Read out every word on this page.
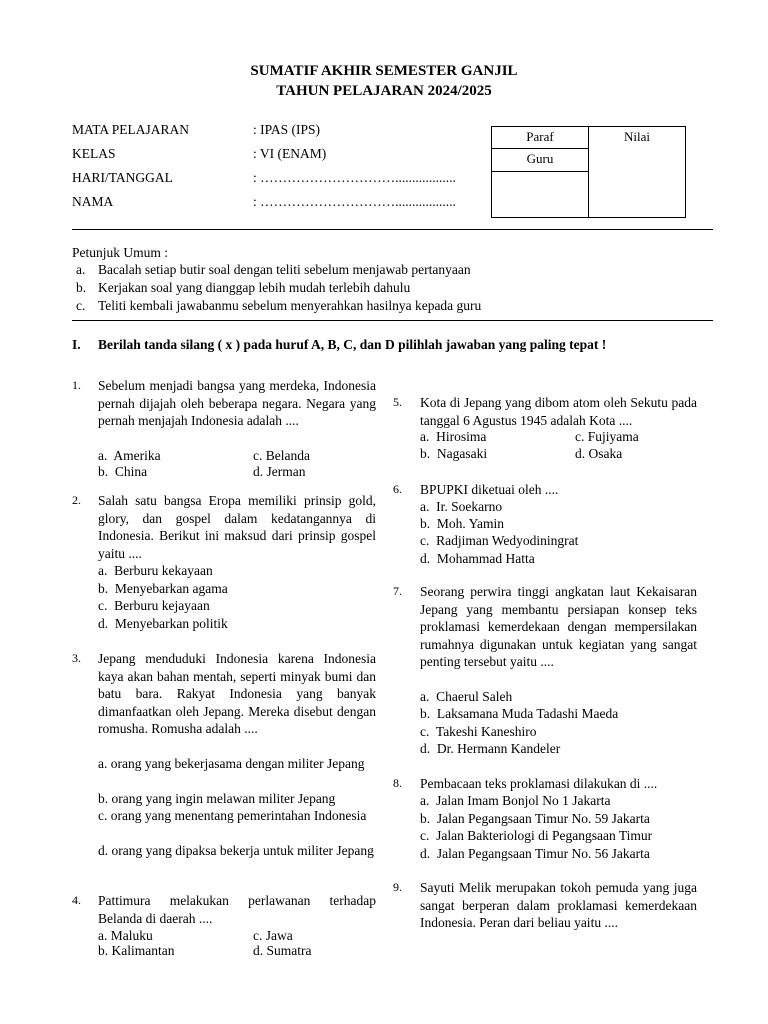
SUMATIF AKHIR SEMESTER GANJIL
TAHUN PELAJARAN 2024/2025
MATA PELAJARAN	: IPAS (IPS)
KELAS	: VI (ENAM)
HARI/TANGGAL	: …………………………..................
NAMA	: …………………………..................
Paraf	Nilai
Guru

Petunjuk Umum :
a. Bacalah setiap butir soal dengan teliti sebelum menjawab pertanyaan
b. Kerjakan soal yang dianggap lebih mudah terlebih dahulu
c. Teliti kembali jawabanmu sebelum menyerahkan hasilnya kepada guru
I. Berilah tanda silang ( x ) pada huruf A, B, C, dan D pilihlah jawaban yang paling tepat !
1. Sebelum menjadi bangsa yang merdeka, Indonesia pernah dijajah oleh beberapa negara. Negara yang pernah menjajah Indonesia adalah ....
a. Amerika	c. Belanda
b. China	d. Jerman
2. Salah satu bangsa Eropa memiliki prinsip gold, glory, dan gospel dalam kedatangannya di Indonesia. Berikut ini maksud dari prinsip gospel yaitu ....
a. Berburu kekayaan
b. Menyebarkan agama
c. Berburu kejayaan
d. Menyebarkan politik
3. Jepang menduduki Indonesia karena Indonesia kaya akan bahan mentah, seperti minyak bumi dan batu bara. Rakyat Indonesia yang banyak dimanfaatkan oleh Jepang. Mereka disebut dengan romusha. Romusha adalah ....
a. orang yang bekerjasama dengan militer Jepang
b. orang yang ingin melawan militer Jepang
c. orang yang menentang pemerintahan Indonesia
d. orang yang dipaksa bekerja untuk militer Jepang
4. Pattimura melakukan perlawanan terhadap Belanda di daerah ....
a. Maluku	c. Jawa
b. Kalimantan	d. Sumatra
5. Kota di Jepang yang dibom atom oleh Sekutu pada tanggal 6 Agustus 1945 adalah Kota ....
a. Hirosima	c. Fujiyama
b. Nagasaki	d. Osaka
6. BPUPKI diketuai oleh ....
a. Ir. Soekarno
b. Moh. Yamin
c. Radjiman Wedyodiningrat
d. Mohammad Hatta
7. Seorang perwira tinggi angkatan laut Kekaisaran Jepang yang membantu persiapan konsep teks proklamasi kemerdekaan dengan mempersilakan rumahnya digunakan untuk kegiatan yang sangat penting tersebut yaitu ....
a. Chaerul Saleh
b. Laksamana Muda Tadashi Maeda
c. Takeshi Kaneshiro
d. Dr. Hermann Kandeler
8. Pembacaan teks proklamasi dilakukan di ....
a. Jalan Imam Bonjol No 1 Jakarta
b. Jalan Pegangsaan Timur No. 59 Jakarta
c. Jalan Bakteriologi di Pegangsaan Timur
d. Jalan Pegangsaan Timur No. 56 Jakarta
9. Sayuti Melik merupakan tokoh pemuda yang juga sangat berperan dalam proklamasi kemerdekaan Indonesia. Peran dari beliau yaitu ....
